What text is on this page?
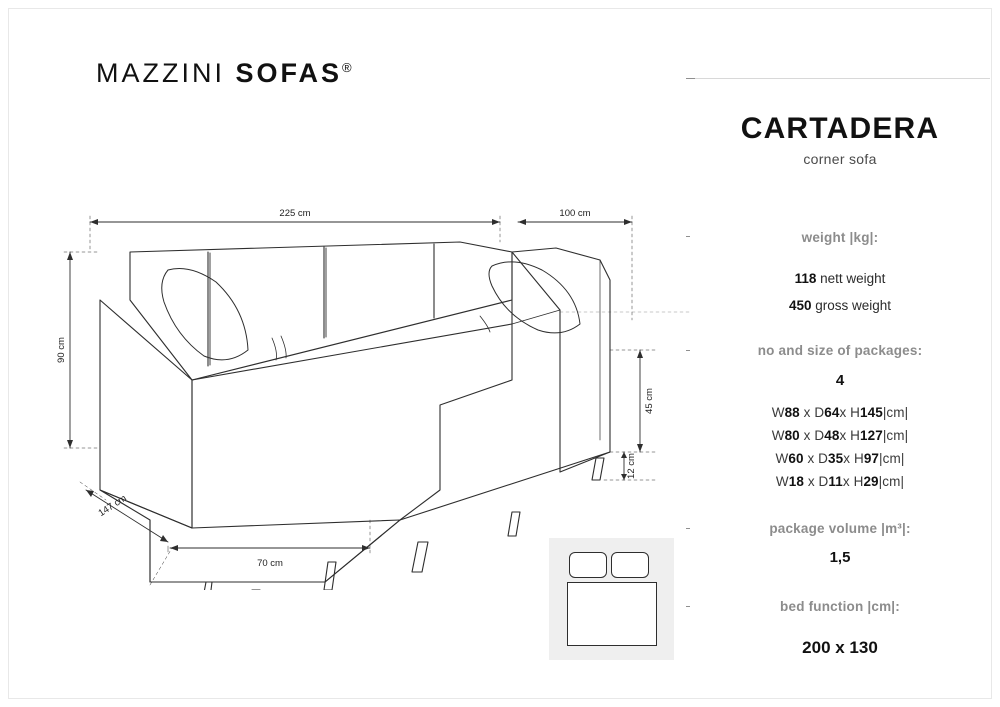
MAZZINI SOFAS®
225 cm	100 cm
90 cm
45 cm
12 cm
147 cm
70 cm
CARTADERA
corner sofa
weight |kg|:
118 nett weight
450 gross weight
no and size of packages:
4
W88 x D64x H145|cm|
W80 x D48x H127|cm|
W60 x D35x H97|cm|
W18 x D11x H29|cm|
package volume |m³|:
1,5
bed function |cm|:
200 x 130
